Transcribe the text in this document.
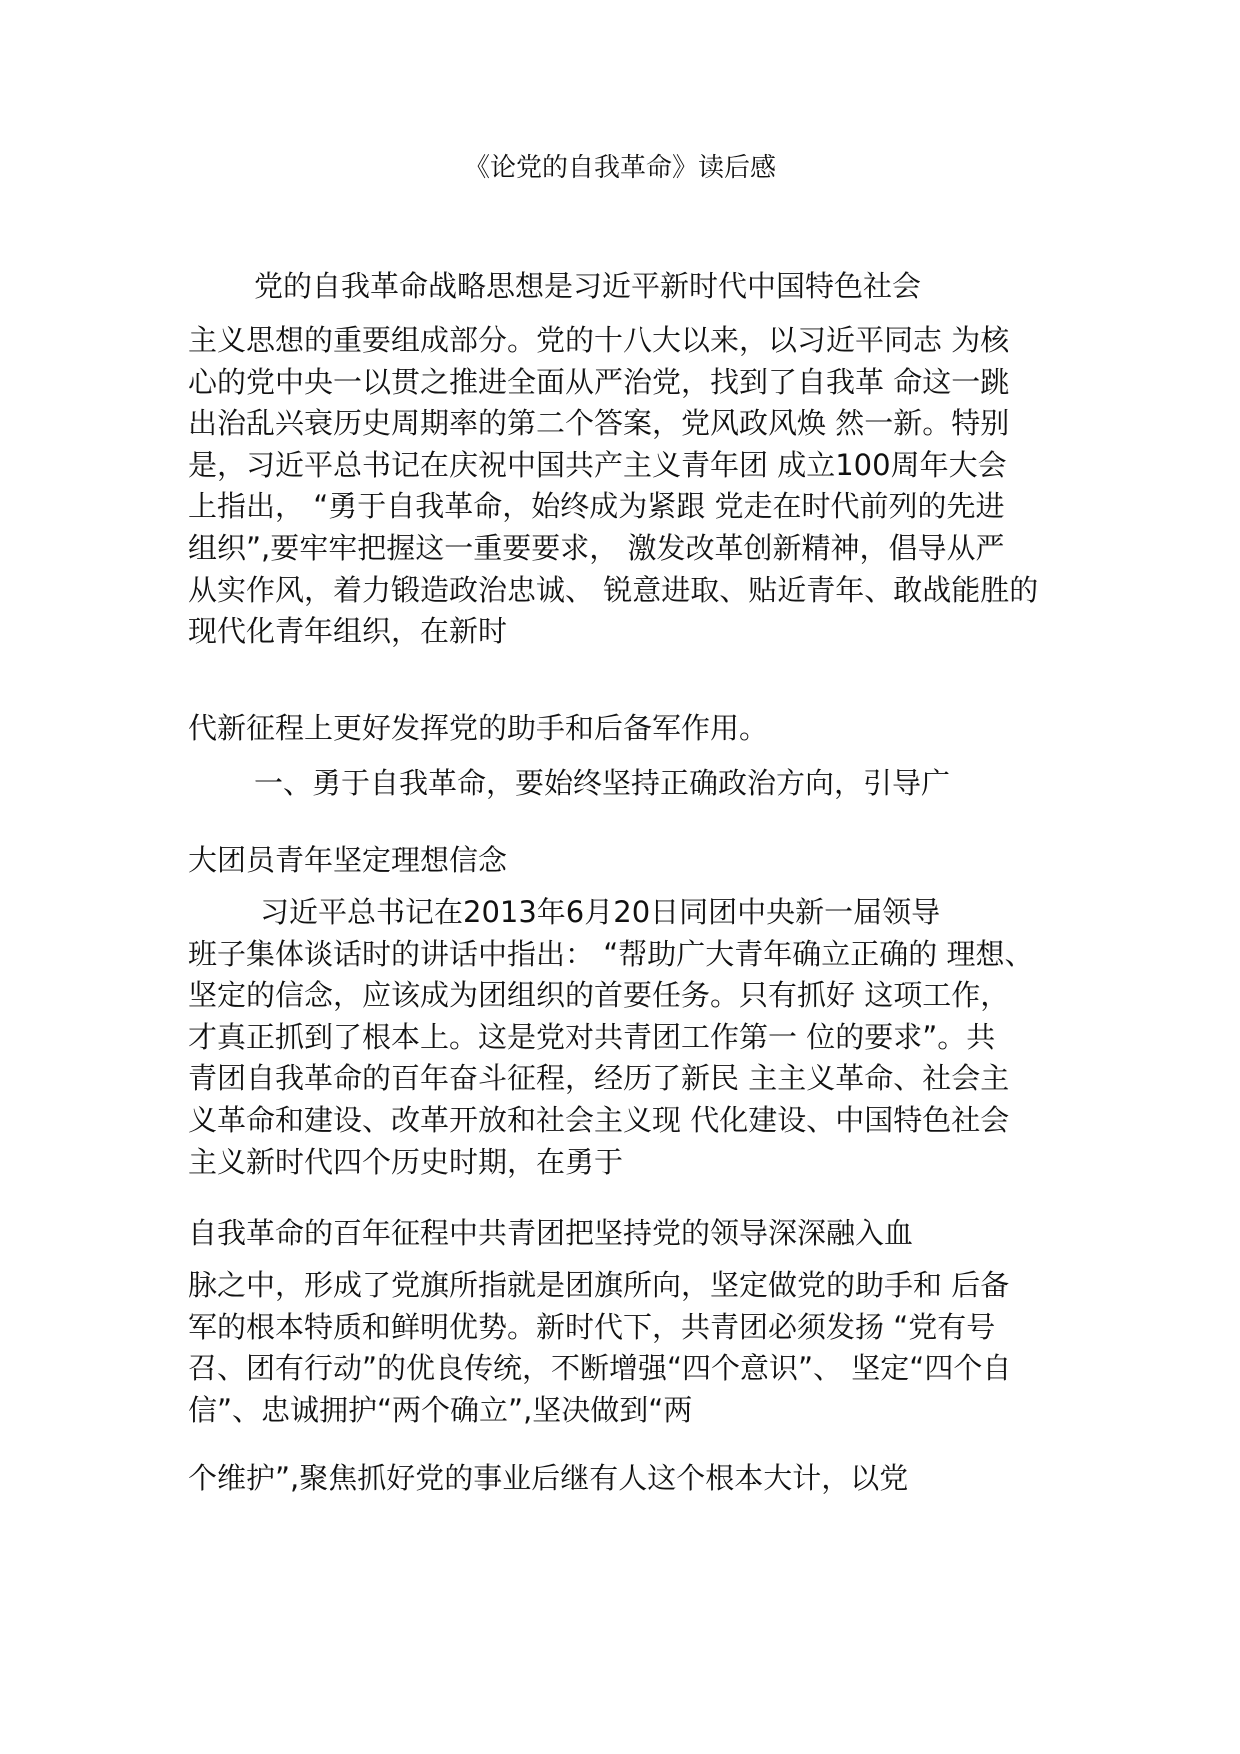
《论党的自我革命》读后感
党的自我革命战略思想是习近平新时代中国特色社会
主义思想的重要组成部分。党的十八大以来，以习近平同志 为核
心的党中央一以贯之推进全面从严治党，找到了自我革 命这一跳
出治乱兴衰历史周期率的第二个答案，党风政风焕 然一新。特别
是，习近平总书记在庆祝中国共产主义青年团 成立100周年大会
上指出， “勇于自我革命，始终成为紧跟 党走在时代前列的先进
组织”,要牢牢把握这一重要要求， 激发改革创新精神，倡导从严
从实作风，着力锻造政治忠诚、 锐意进取、贴近青年、敢战能胜的
现代化青年组织，在新时
代新征程上更好发挥党的助手和后备军作用。
一、勇于自我革命，要始终坚持正确政治方向，引导广
大团员青年坚定理想信念
习近平总书记在2013年6月20日同团中央新一届领导
班子集体谈话时的讲话中指出： “帮助广大青年确立正确的 理想、
坚定的信念，应该成为团组织的首要任务。只有抓好 这项工作，
才真正抓到了根本上。这是党对共青团工作第一 位的要求”。共
青团自我革命的百年奋斗征程，经历了新民 主主义革命、社会主
义革命和建设、改革开放和社会主义现 代化建设、中国特色社会
主义新时代四个历史时期，在勇于
自我革命的百年征程中共青团把坚持党的领导深深融入血
脉之中，形成了党旗所指就是团旗所向，坚定做党的助手和 后备
军的根本特质和鲜明优势。新时代下，共青团必须发扬 “党有号
召、团有行动”的优良传统，不断增强“四个意识”、 坚定“四个自
信”、忠诚拥护“两个确立”,坚决做到“两
个维护”,聚焦抓好党的事业后继有人这个根本大计，以党
